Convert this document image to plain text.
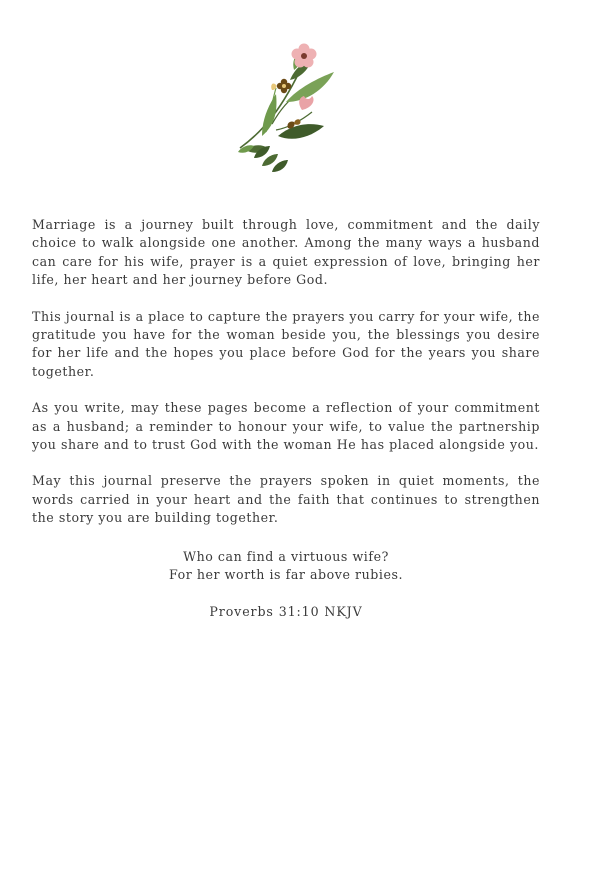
Marriage is a journey built through love, commitment and the daily choice to walk alongside one another. Among the many ways a husband can care for his wife, prayer is a quiet expression of love, bringing her life, her heart and her journey before God.

This journal is a place to capture the prayers you carry for your wife, the gratitude you have for the woman beside you, the blessings you desire for her life and the hopes you place before God for the years you share together.

As you write, may these pages become a reflection of your commitment as a husband; a reminder to honour your wife, to value the partnership you share and to trust God with the woman He has placed alongside you.

May this journal preserve the prayers spoken in quiet moments, the words carried in your heart and the faith that continues to strengthen the story you are building together.

Who can find a virtuous wife?
For her worth is far above rubies.
Proverbs 31:10 NKJV
